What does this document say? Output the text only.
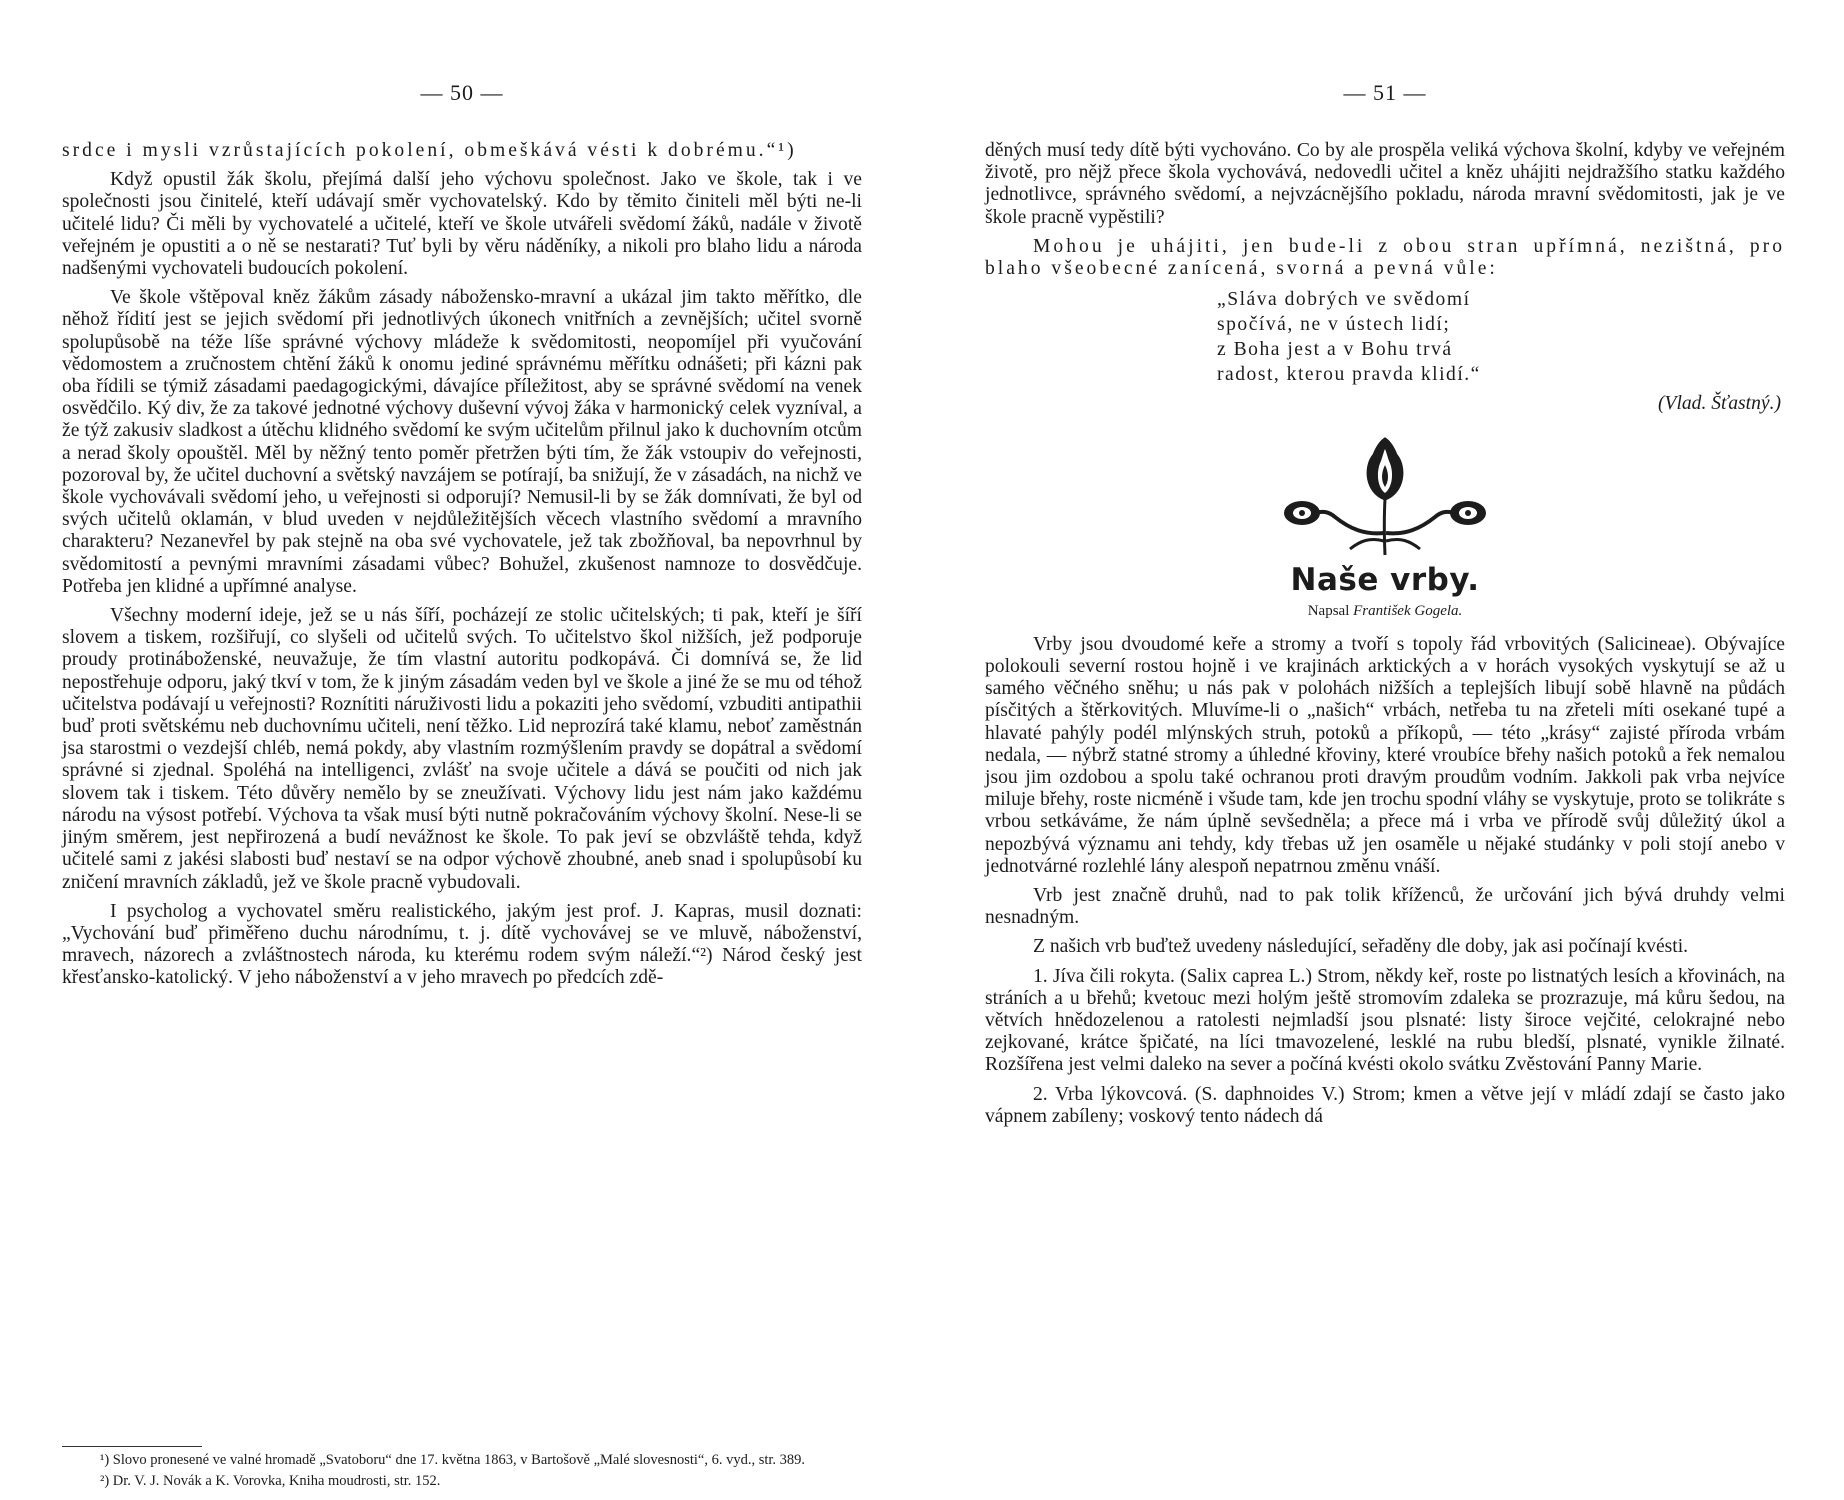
— 50 —

srdce i mysli vzrůstajících pokolení, obmeškává vésti k dobrému.“¹)

Když opustil žák školu, přejímá další jeho výchovu společnost. Jako ve škole, tak i ve společnosti jsou činitelé, kteří udávají směr vychovatelský. Kdo by těmito činiteli měl býti ne-li učitelé lidu? Či měli by vychovatelé a učitelé, kteří ve škole utvářeli svědomí žáků, nadále v životě veřejném je opustiti a o ně se nestarati? Tuť byli by věru náděníky, a nikoli pro blaho lidu a národa nadšenými vychovateli budoucích pokolení.

Ve škole vštěpoval kněz žákům zásady nábožensko-mravní a ukázal jim takto měřítko, dle něhož řídití jest se jejich svědomí při jednotlivých úkonech vnitřních a zevnějších; učitel svorně spolupůsobě na téže líše správné výchovy mládeže k svědomitosti, neopomíjel při vyučování vědomostem a zručnostem chtění žáků k onomu jediné správnému měřítku odnášeti; při kázni pak oba řídili se týmiž zásadami paedagogickými, dávajíce příležitost, aby se správné svědomí na venek osvědčilo. Ký div, že za takové jednotné výchovy duševní vývoj žáka v harmonický celek vyzníval, a že týž zakusiv sladkost a útěchu klidného svědomí ke svým učitelům přilnul jako k duchovním otcům a nerad školy opouštěl. Měl by něžný tento poměr přetržen býti tím, že žák vstoupiv do veřejnosti, pozoroval by, že učitel duchovní a světský navzájem se potírají, ba snižují, že v zásadách, na nichž ve škole vychovávali svědomí jeho, u veřejnosti si odporují? Nemusil-li by se žák domnívati, že byl od svých učitelů oklamán, v blud uveden v nejdůležitějších věcech vlastního svědomí a mravního charakteru? Nezanevřel by pak stejně na oba své vychovatele, jež tak zbožňoval, ba nepovrhnul by svědomitostí a pevnými mravními zásadami vůbec? Bohužel, zkušenost namnoze to dosvědčuje. Potřeba jen klidné a upřímné analyse.

Všechny moderní ideje, jež se u nás šíří, pocházejí ze stolic učitelských; ti pak, kteří je šíří slovem a tiskem, rozšiřují, co slyšeli od učitelů svých. To učitelstvo škol nižších, jež podporuje proudy protináboženské, neuvažuje, že tím vlastní autoritu podkopává. Či domnívá se, že lid nepostřehuje odporu, jaký tkví v tom, že k jiným zásadám veden byl ve škole a jiné že se mu od téhož učitelstva podávají u veřejnosti? Roznítiti náruživosti lidu a pokaziti jeho svědomí, vzbuditi antipathii buď proti světskému neb duchovnímu učiteli, není těžko. Lid neprozírá také klamu, neboť zaměstnán jsa starostmi o vezdejší chléb, nemá pokdy, aby vlastním rozmýšlením pravdy se dopátral a svědomí správné si zjednal. Spoléhá na intelligenci, zvlášť na svoje učitele a dává se poučiti od nich jak slovem tak i tiskem. Této důvěry nemělo by se zneužívati. Výchovy lidu jest nám jako každému národu na výsost potřebí. Výchova ta však musí býti nutně pokračováním výchovy školní. Nese-li se jiným směrem, jest nepřirozená a budí nevážnost ke škole. To pak jeví se obzvláště tehda, když učitelé sami z jakési slabosti buď nestaví se na odpor výchově zhoubné, aneb snad i spolupůsobí ku zničení mravních základů, jež ve škole pracně vybudovali.

I psycholog a vychovatel směru realistického, jakým jest prof. J. Kapras, musil doznati: „Vychování buď přiměřeno duchu národnímu, t. j. dítě vychovávej se ve mluvě, náboženství, mravech, názorech a zvláštnostech národa, ku kterému rodem svým náleží.“²) Národ český jest křesťansko-katolický. V jeho náboženství a v jeho mravech po předcích zdě-

¹) Slovo pronesené ve valné hromadě „Svatoboru“ dne 17. května 1863, v Bartošově „Malé slovesnosti“, 6. vyd., str. 389.

²) Dr. V. J. Novák a K. Vorovka, Kniha moudrosti, str. 152.

— 51 —

děných musí tedy dítě býti vychováno. Co by ale prospěla veliká výchova školní, kdyby ve veřejném životě, pro nějž přece škola vychovává, nedovedli učitel a kněz uhájiti nejdražšího statku každého jednotlivce, správného svědomí, a nejvzácnějšího pokladu, národa mravní svědomitosti, jak je ve škole pracně vypěstili?

Mohou je uhájiti, jen bude-li z obou stran upřímná, nezištná, pro blaho všeobecné zanícená, svorná a pevná vůle:

„Sláva dobrých ve svědomí
spočívá, ne v ústech lidí;
z Boha jest a v Bohu trvá
radost, kterou pravda klidí.“
(Vlad. Šťastný.)
Naše vrby.
Napsal František Gogela.

Vrby jsou dvoudomé keře a stromy a tvoří s topoly řád vrbovitých (Salicineae). Obývajíce polokouli severní rostou hojně i ve krajinách arktických a v horách vysokých vyskytují se až u samého věčného sněhu; u nás pak v polohách nižších a teplejších libují sobě hlavně na půdách písčitých a štěrkovitých. Mluvíme-li o „našich“ vrbách, netřeba tu na zřeteli míti osekané tupé a hlavaté pahýly podél mlýnských struh, potoků a příkopů, — této „krásy“ zajisté příroda vrbám nedala, — nýbrž statné stromy a úhledné křoviny, které vroubíce břehy našich potoků a řek nemalou jsou jim ozdobou a spolu také ochranou proti dravým proudům vodním. Jakkoli pak vrba nejvíce miluje břehy, roste nicméně i všude tam, kde jen trochu spodní vláhy se vyskytuje, proto se tolikráte s vrbou setkáváme, že nám úplně sevšedněla; a přece má i vrba ve přírodě svůj důležitý úkol a nepozbývá významu ani tehdy, kdy třebas už jen osaměle u nějaké studánky v poli stojí anebo v jednotvárné rozlehlé lány alespoň nepatrnou změnu vnáší.

Vrb jest značně druhů, nad to pak tolik kříženců, že určování jich bývá druhdy velmi nesnadným.

Z našich vrb buďtež uvedeny následující, seřaděny dle doby, jak asi počínají kvésti.

1. Jíva čili rokyta. (Salix caprea L.) Strom, někdy keř, roste po listnatých lesích a křovinách, na stráních a u břehů; kvetouc mezi holým ještě stromovím zdaleka se prozrazuje, má kůru šedou, na větvích hnědozelenou a ratolesti nejmladší jsou plsnaté: listy široce vejčité, celokrajné nebo zejkované, krátce špičaté, na líci tmavozelené, lesklé na rubu bledší, plsnaté, vynikle žilnaté. Rozšířena jest velmi daleko na sever a počíná kvésti okolo svátku Zvěstování Panny Marie.

2. Vrba lýkovcová. (S. daphnoides V.) Strom; kmen a větve její v mládí zdají se často jako vápnem zabíleny; voskový tento nádech dá
